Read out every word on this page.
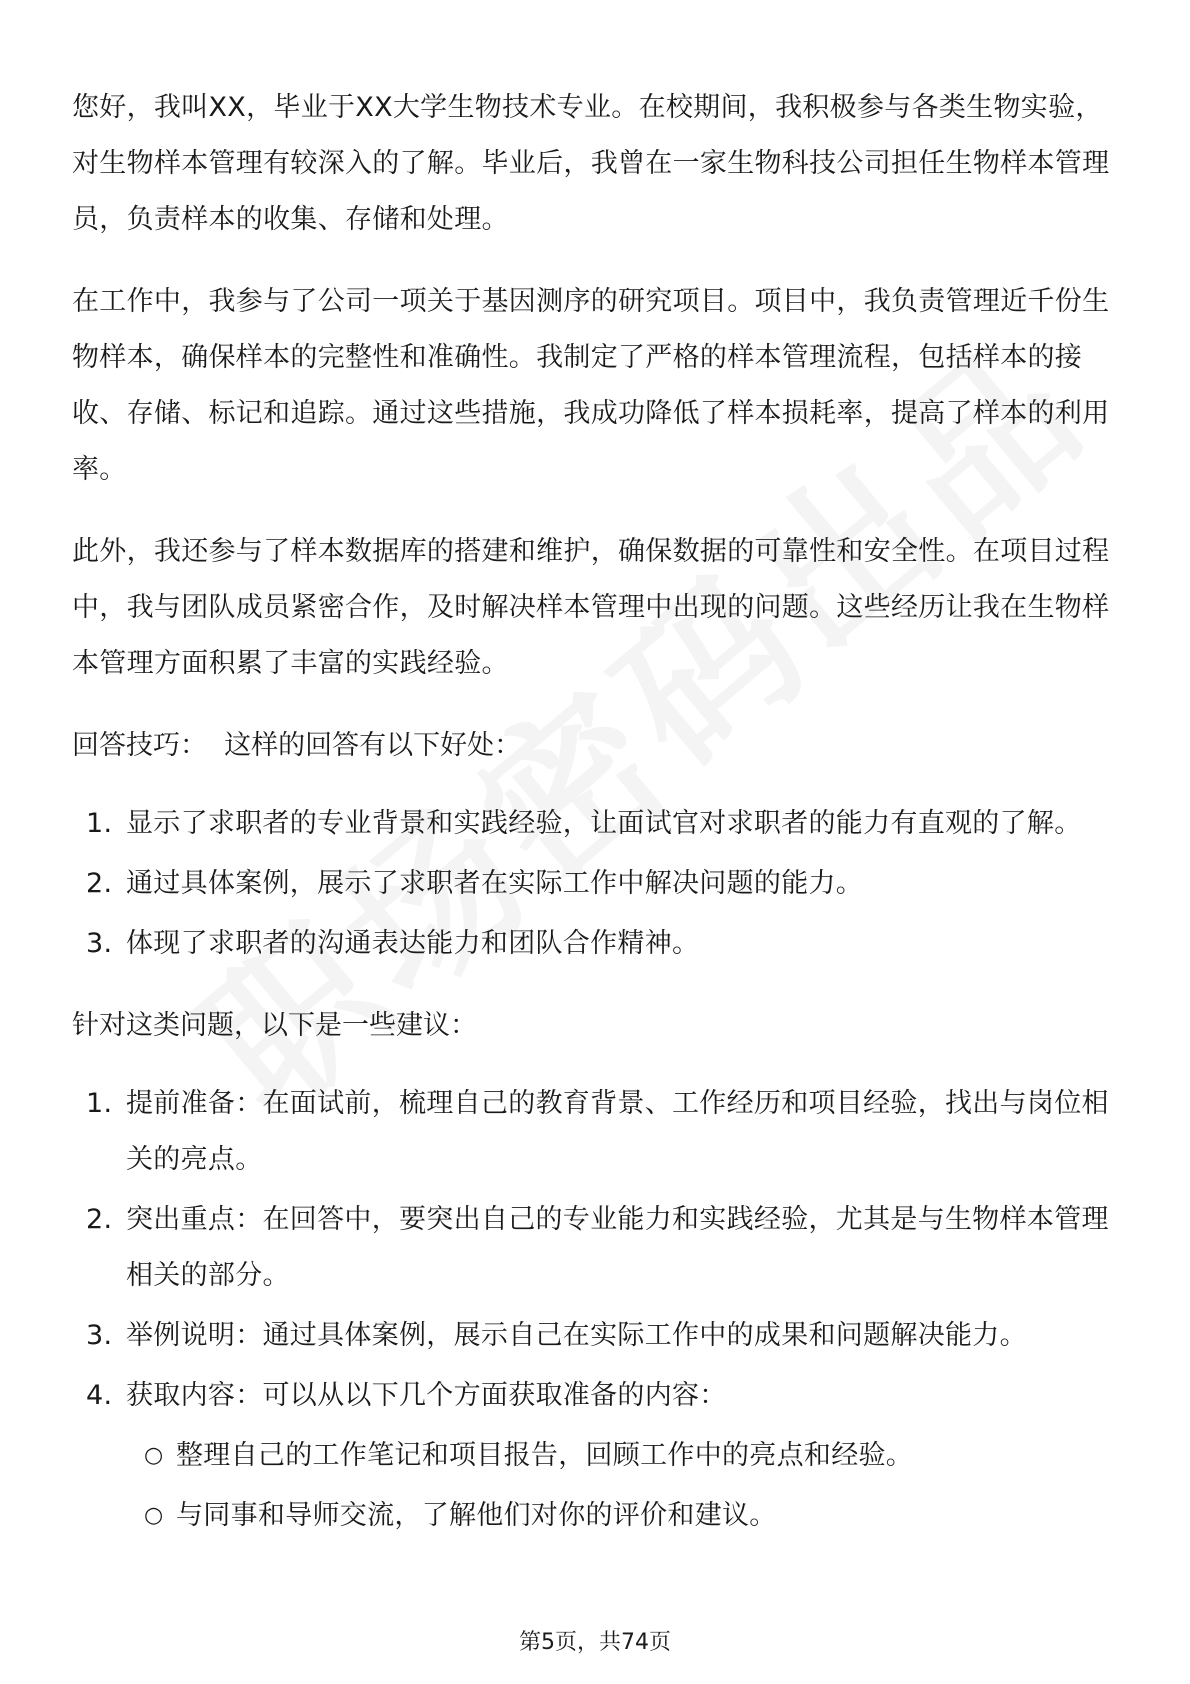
您好，我叫XX，毕业于XX大学生物技术专业。在校期间，我积极参与各类生物实验，对生物样本管理有较深入的了解。毕业后，我曾在一家生物科技公司担任生物样本管理员，负责样本的收集、存储和处理。

在工作中，我参与了公司一项关于基因测序的研究项目。项目中，我负责管理近千份生物样本，确保样本的完整性和准确性。我制定了严格的样本管理流程，包括样本的接收、存储、标记和追踪。通过这些措施，我成功降低了样本损耗率，提高了样本的利用率。

此外，我还参与了样本数据库的搭建和维护，确保数据的可靠性和安全性。在项目过程中，我与团队成员紧密合作，及时解决样本管理中出现的问题。这些经历让我在生物样本管理方面积累了丰富的实践经验。

回答技巧：  这样的回答有以下好处：
1. 显示了求职者的专业背景和实践经验，让面试官对求职者的能力有直观的了解。
2. 通过具体案例，展示了求职者在实际工作中解决问题的能力。
3. 体现了求职者的沟通表达能力和团队合作精神。
针对这类问题，以下是一些建议：
1. 提前准备：在面试前，梳理自己的教育背景、工作经历和项目经验，找出与岗位相关的亮点。
2. 突出重点：在回答中，要突出自己的专业能力和实践经验，尤其是与生物样本管理相关的部分。
3. 举例说明：通过具体案例，展示自己在实际工作中的成果和问题解决能力。
4. 获取内容：可以从以下几个方面获取准备的内容：
○ 整理自己的工作笔记和项目报告，回顾工作中的亮点和经验。
○ 与同事和导师交流，了解他们对你的评价和建议。
第5页，共74页
